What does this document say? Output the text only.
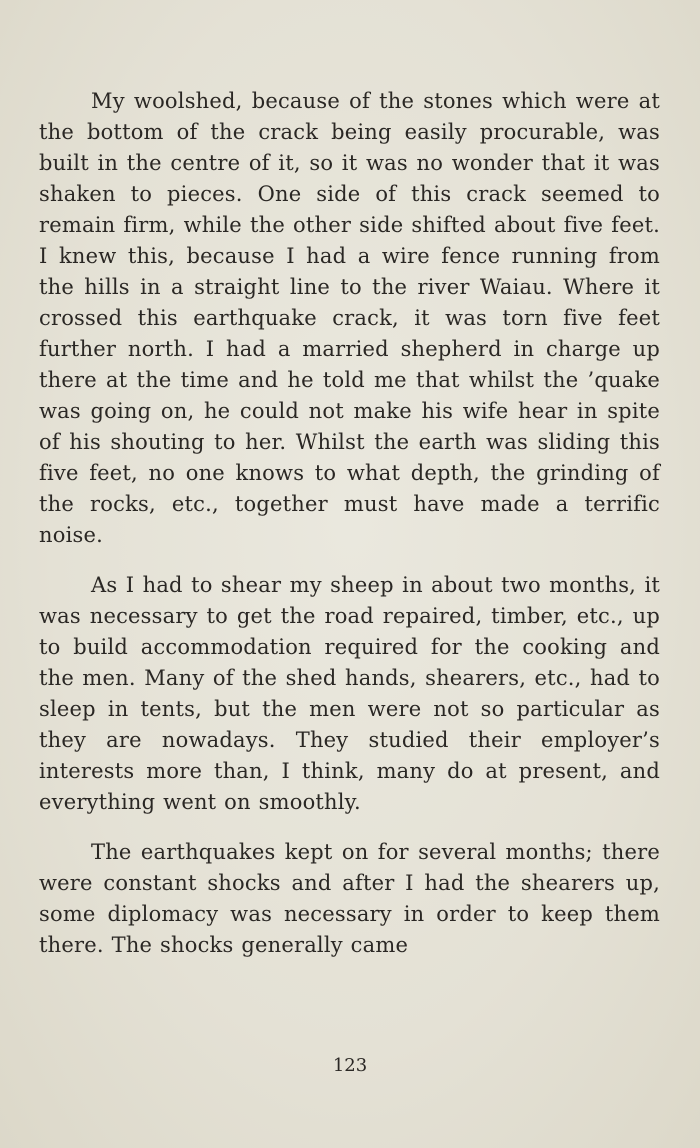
My woolshed, because of the stones which were at the bottom of the crack being easily procurable, was built in the centre of it, so it was no wonder that it was shaken to pieces. One side of this crack seemed to remain firm, while the other side shifted about five feet. I knew this, because I had a wire fence running from the hills in a straight line to the river Waiau. Where it crossed this earthquake crack, it was torn five feet further north. I had a married shepherd in charge up there at the time and he told me that whilst the ’quake was going on, he could not make his wife hear in spite of his shouting to her. Whilst the earth was sliding this five feet, no one knows to what depth, the grinding of the rocks, etc., together must have made a terrific noise.

As I had to shear my sheep in about two months, it was necessary to get the road repaired, timber, etc., up to build accommodation required for the cooking and the men. Many of the shed hands, shearers, etc., had to sleep in tents, but the men were not so particular as they are nowadays. They studied their employer’s interests more than, I think, many do at present, and everything went on smoothly.

The earthquakes kept on for several months; there were constant shocks and after I had the shearers up, some diplomacy was necessary in order to keep them there. The shocks generally came

123
